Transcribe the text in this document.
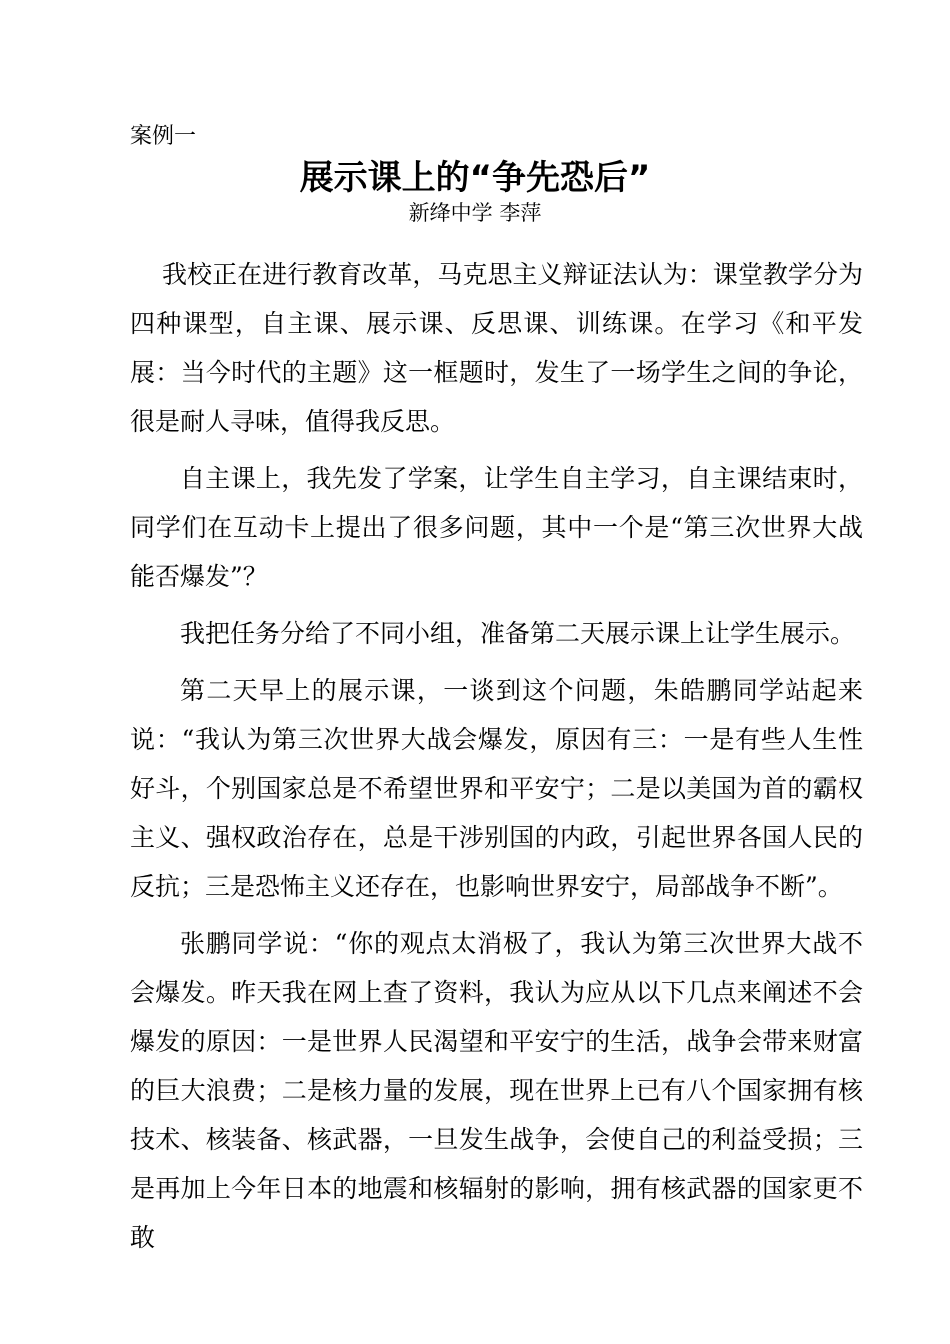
案例一
展示课上的“争先恐后”
新绛中学 李萍

我校正在进行教育改革，马克思主义辩证法认为：课堂教学分为四种课型，自主课、展示课、反思课、训练课。在学习《和平发展：当今时代的主题》这一框题时，发生了一场学生之间的争论，很是耐人寻味，值得我反思。

自主课上，我先发了学案，让学生自主学习，自主课结束时，同学们在互动卡上提出了很多问题，其中一个是“第三次世界大战能否爆发”？

我把任务分给了不同小组，准备第二天展示课上让学生展示。

第二天早上的展示课，一谈到这个问题，朱皓鹏同学站起来说：“我认为第三次世界大战会爆发，原因有三：一是有些人生性好斗，个别国家总是不希望世界和平安宁；二是以美国为首的霸权主义、强权政治存在，总是干涉别国的内政，引起世界各国人民的反抗；三是恐怖主义还存在，也影响世界安宁，局部战争不断”。

张鹏同学说：“你的观点太消极了，我认为第三次世界大战不会爆发。昨天我在网上查了资料，我认为应从以下几点来阐述不会爆发的原因：一是世界人民渴望和平安宁的生活，战争会带来财富的巨大浪费；二是核力量的发展，现在世界上已有八个国家拥有核技术、核装备、核武器，一旦发生战争，会使自己的利益受损；三是再加上今年日本的地震和核辐射的影响，拥有核武器的国家更不敢
